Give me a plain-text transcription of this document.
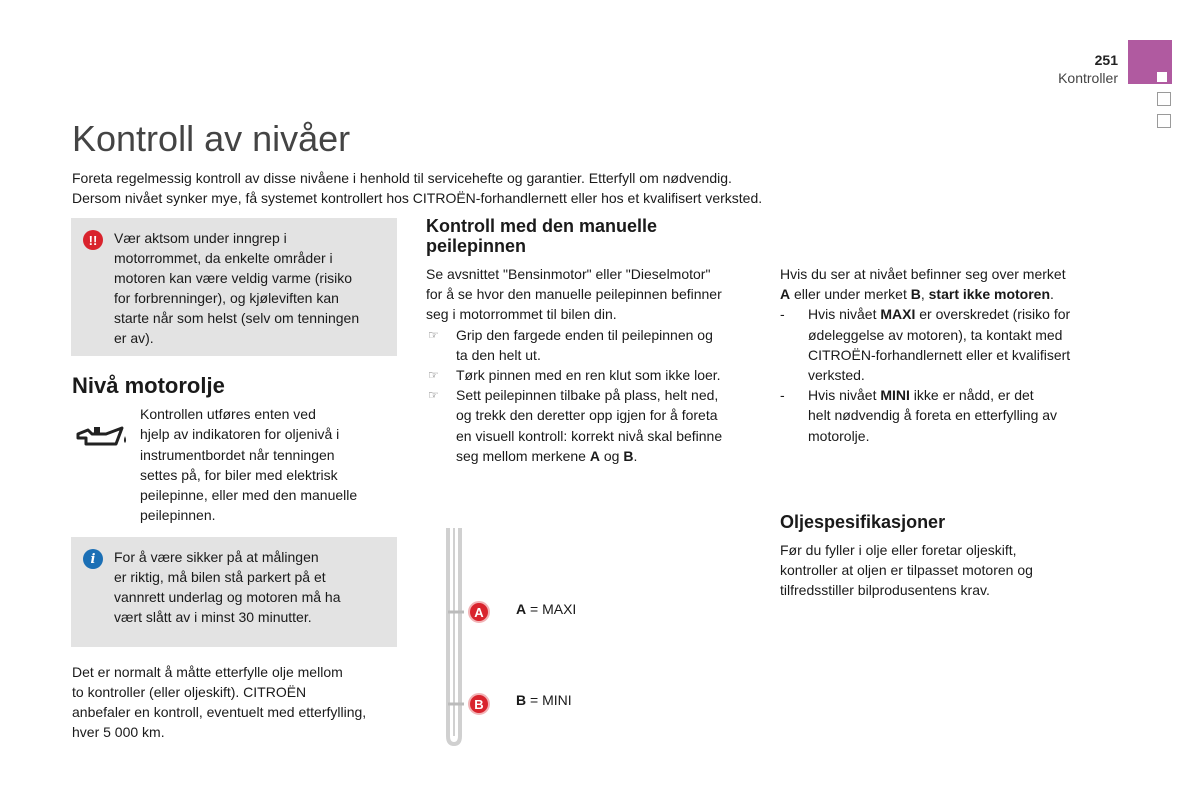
251
Kontroller
Kontroll av nivåer
Foreta regelmessig kontroll av disse nivåene i henhold til servicehefte og garantier. Etterfyll om nødvendig.
Dersom nivået synker mye, få systemet kontrollert hos CITROËN-forhandlernett eller hos et kvalifisert verksted.
!!	Vær aktsom under inngrep i
motorrommet, da enkelte områder i
motoren kan være veldig varme (risiko
for forbrenninger), og kjøleviften kan
starte når som helst (selv om tenningen
er av).
Nivå motorolje
Kontrollen utføres enten ved
hjelp av indikatoren for oljenivå i
instrumentbordet når tenningen
settes på, for biler med elektrisk
peilepinne, eller med den manuelle
peilepinnen.
i	For å være sikker på at målingen
er riktig, må bilen stå parkert på et
vannrett underlag og motoren må ha
vært slått av i minst 30 minutter.
Det er normalt å måtte etterfylle olje mellom
to kontroller (eller oljeskift). CITROËN
anbefaler en kontroll, eventuelt med etterfylling,
hver 5 000 km.
Kontroll med den manuelle
peilepinnen
Se avsnittet "Bensinmotor" eller "Dieselmotor"
for å se hvor den manuelle peilepinnen befinner
seg i motorrommet til bilen din.
☞	Grip den fargede enden til peilepinnen og
ta den helt ut.
☞	Tørk pinnen med en ren klut som ikke loer.
☞	Sett peilepinnen tilbake på plass, helt ned,
og trekk den deretter opp igjen for å foreta
en visuell kontroll: korrekt nivå skal befinne
seg mellom merkene A og B.
A
B
A = MAXI
B = MINI
Hvis du ser at nivået befinner seg over merket
A eller under merket B, start ikke motoren.
-	Hvis nivået MAXI er overskredet (risiko for
ødeleggelse av motoren), ta kontakt med
CITROËN-forhandlernett eller et kvalifisert
verksted.
-	Hvis nivået MINI ikke er nådd, er det
helt nødvendig å foreta en etterfylling av
motorolje.
Oljespesifikasjoner
Før du fyller i olje eller foretar oljeskift,
kontroller at oljen er tilpasset motoren og
tilfredsstiller bilprodusentens krav.
